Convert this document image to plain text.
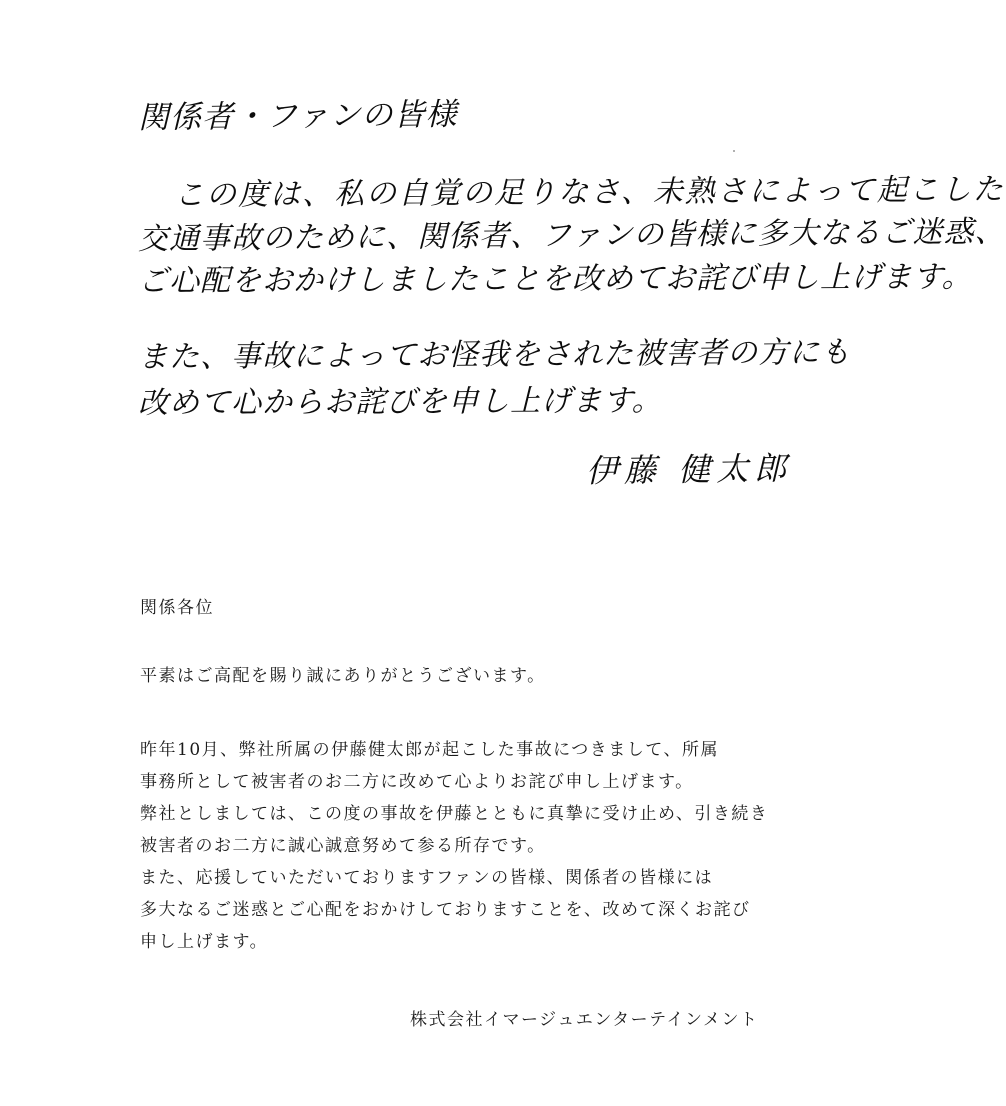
関係者・ファンの皆様
この度は、私の自覚の足りなさ、未熟さによって起こした
交通事故のために、関係者、ファンの皆様に多大なるご迷惑、
ご心配をおかけしましたことを改めてお詫び申し上げます。
また、事故によってお怪我をされた被害者の方にも
改めて心からお詫びを申し上げます。
伊藤 健太郎
関係各位
平素はご高配を賜り誠にありがとうございます。
昨年10月、弊社所属の伊藤健太郎が起こした事故につきまして、所属
事務所として被害者のお二方に改めて心よりお詫び申し上げます。
弊社としましては、この度の事故を伊藤とともに真摯に受け止め、引き続き
被害者のお二方に誠心誠意努めて参る所存です。
また、応援していただいておりますファンの皆様、関係者の皆様には
多大なるご迷惑とご心配をおかけしておりますことを、改めて深くお詫び
申し上げます。
株式会社イマージュエンターテインメント
